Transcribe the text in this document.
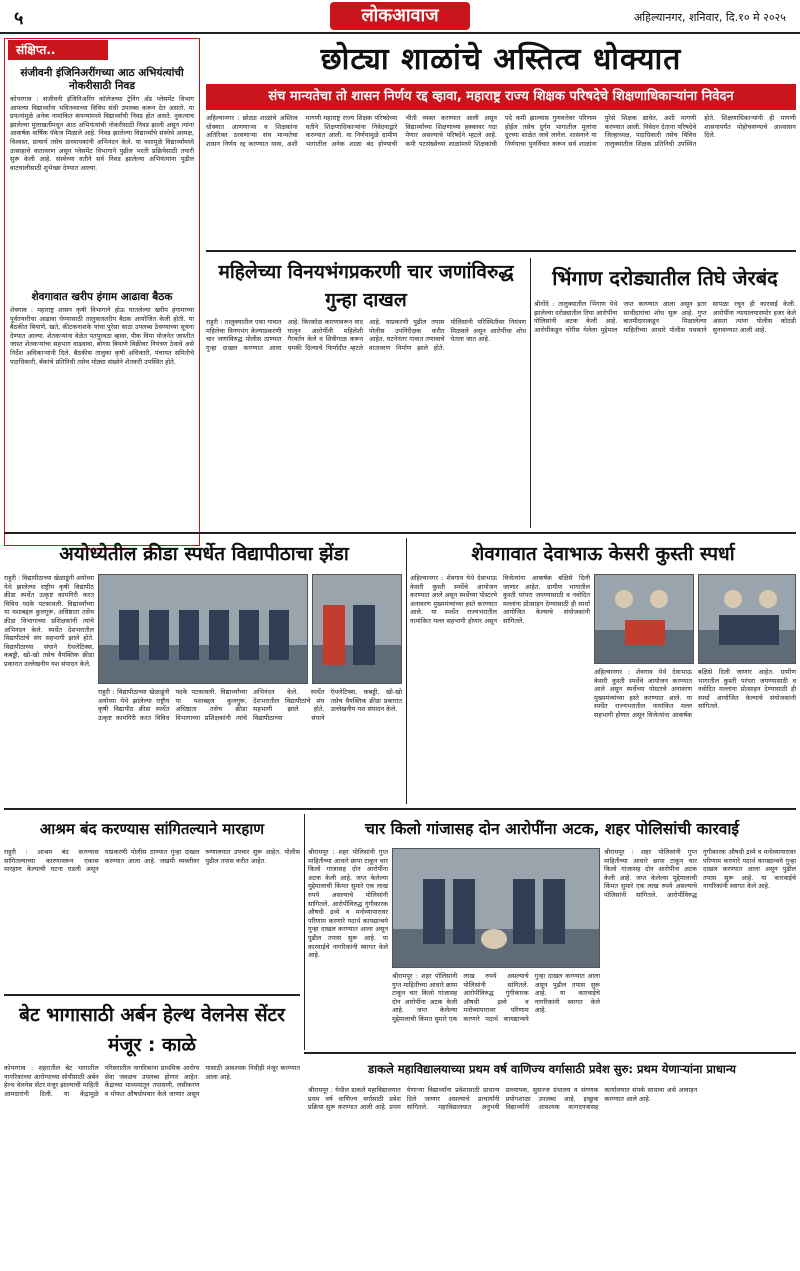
५	लोकआवाज	अहिल्यानगर, शनिवार, दि.१० मे २०२५
संजीवनी इंजिनिअरींगच्या आठ अभियंत्यांची नोकरीसाठी निवड
कोपरगाव : संजीवनी इंजिनिअरिंग कॉलेजच्या ट्रेनिंग अँड प्लेसमेंट विभाग आपल्या विद्यार्थ्यांना भवितव्याच्या विविध संधी उपलब्ध करून देत असतो. या प्रयत्नांमुळे अनेक नामांकित कंपन्यांमध्ये विद्यार्थ्यांची निवड होत असते. नुकत्याच झालेल्या मुलाखतींमधून आठ अभियंत्यांची नोकरीसाठी निवड झाली असून त्यांना आकर्षक वार्षिक पॅकेज मिळाले आहे. निवड झालेल्या विद्यार्थ्यांचे संस्थेचे अध्यक्ष, विश्वस्त, प्राचार्य तसेच प्राध्यापकांनी अभिनंदन केले. या यशामुळे विद्यार्थ्यांमध्ये उत्साहाचे वातावरण असून प्लेसमेंट विभागाने पुढील भरती प्रक्रियेसाठी तयारी सुरू केली आहे. संस्थेच्या वतीने सर्व निवड झालेल्या अभियंत्यांना पुढील वाटचालीसाठी शुभेच्छा देण्यात आल्या.
शेवगावात खरीप हंगाम आढावा बैठक
शेवगाव : महाराष्ट्र शासन कृषी विभागाने होऊ घातलेल्या खरीप हंगामाच्या पूर्वतयारीचा आढावा घेण्यासाठी तालुकास्तरीय बैठक आयोजित केली होती. या बैठकीत बियाणे, खते, कीटकनाशके यांचा पुरेसा साठा उपलब्ध ठेवण्याच्या सूचना देण्यात आल्या. शेतकऱ्यांना वेळेत पतपुरवठा व्हावा, पीक विमा योजनेत जास्तीत जास्त शेतकऱ्यांचा सहभाग वाढवावा, बोगस बियाणे विक्रीवर नियंत्रण ठेवावे असे निर्देश अधिकाऱ्यांनी दिले. बैठकीस तालुका कृषी अधिकारी, पंचायत समितीचे पदाधिकारी, बँकांचे प्रतिनिधी तसेच मोठ्या संख्येने शेतकरी उपस्थित होते.
संक्षिप्त..	छोट्या शाळांचे अस्तित्व धोक्यात
संच मान्यतेचा तो शासन निर्णय रद्द व्हावा, महाराष्ट्र राज्य शिक्षक परिषदेचे शिक्षणाधिकाऱ्यांना निवेदन
अहिल्यानगर : छोट्या शाळांचे अस्तित्व धोक्यात आणणाऱ्या व शिक्षकांना अतिरिक्त ठरवणाऱ्या संच मान्यतेचा शासन निर्णय रद्द करण्यात यावा, अशी मागणी महाराष्ट्र राज्य शिक्षक परिषदेच्या वतीने शिक्षणाधिकाऱ्यांना निवेदनाद्वारे करण्यात आली. या निर्णयामुळे ग्रामीण भागातील अनेक शाळा बंद होण्याची भीती व्यक्त करण्यात आली असून विद्यार्थ्यांच्या शिक्षणाच्या हक्कावर गदा येणार असल्याचे परिषदेने म्हटले आहे. कमी पटसंख्येच्या शाळांमध्ये शिक्षकांची पदे कमी झाल्यास गुणवत्तेवर परिणाम होईल तसेच दुर्गम भागातील मुलांना दूरच्या शाळेत जावे लागेल. शासनाने या निर्णयाचा पुनर्विचार करून सर्व शाळांना पुरेसे शिक्षक द्यावेत, अशी मागणी करण्यात आली. निवेदन देताना परिषदेचे जिल्हाध्यक्ष, पदाधिकारी तसेच विविध तालुक्यांतील शिक्षक प्रतिनिधी उपस्थित होते. शिक्षणाधिकाऱ्यांनी ही मागणी शासनापर्यंत पोहोचवण्याचे आश्वासन दिले.
महिलेच्या विनयभंगप्रकरणी चार जणांविरुद्ध गुन्हा दाखल
राहुरी : तालुक्यातील एका गावात महिलेचा विनयभंग केल्याप्रकरणी चार जणांविरुद्ध पोलीस ठाण्यात गुन्हा दाखल करण्यात आला आहे. किरकोळ कारणावरून वाद घालून आरोपींनी महिलेशी गैरवर्तन केले व शिवीगाळ करून धमकी दिल्याचे फिर्यादीत म्हटले आहे. याप्रकरणी पुढील तपास पोलीस उपनिरीक्षक करीत आहेत. घटनेनंतर गावात तणावाचे वातावरण निर्माण झाले होते. पोलिसांनी परिस्थितीवर नियंत्रण मिळवले असून आरोपींचा शोध घेतला जात आहे.
भिंगाण दरोड्यातील तिघे जेरबंद
श्रीगोंदे : तालुक्यातील भिंगाण येथे झालेल्या दरोड्यातील तिघा आरोपींना पोलिसांनी अटक केली आहे. आरोपींकडून चोरीस गेलेला मुद्देमाल जप्त करण्यात आला असून इतर साथीदारांचा शोध सुरू आहे. गुप्त बातमीदाराकडून मिळालेल्या माहितीच्या आधारे पोलीस पथकाने सापळा रचून ही कारवाई केली. आरोपींना न्यायालयासमोर हजर केले असता त्यांना पोलीस कोठडी सुनावण्यात आली आहे.
अयोध्येतील क्रीडा स्पर्धेत विद्यापीठाचा झेंडा
राहुरी : विद्यापीठाच्या खेळाडूंनी अयोध्या येथे झालेल्या राष्ट्रीय कृषी विद्यापीठ क्रीडा स्पर्धेत उत्कृष्ट कामगिरी करत विविध पदके पटकावली. विद्यार्थ्यांच्या या यशाबद्दल कुलगुरू, अधिष्ठाता तसेच क्रीडा विभागाच्या प्रशिक्षकांनी त्यांचे अभिनंदन केले. स्पर्धेत देशभरातील विद्यापीठांचे संघ सहभागी झाले होते. विद्यापीठाच्या संघाने ऍथलेटिक्स, कबड्डी, खो-खो तसेच वैयक्तिक क्रीडा प्रकारात उल्लेखनीय यश संपादन केले.
राहुरी : विद्यापीठाच्या खेळाडूंनी अयोध्या येथे झालेल्या राष्ट्रीय कृषी विद्यापीठ क्रीडा स्पर्धेत उत्कृष्ट कामगिरी करत विविध पदके पटकावली. विद्यार्थ्यांच्या या यशाबद्दल कुलगुरू, अधिष्ठाता तसेच क्रीडा विभागाच्या प्रशिक्षकांनी त्यांचे अभिनंदन केले. स्पर्धेत देशभरातील विद्यापीठांचे संघ सहभागी झाले होते. विद्यापीठाच्या संघाने ऍथलेटिक्स, कबड्डी, खो-खो तसेच वैयक्तिक क्रीडा प्रकारात उल्लेखनीय यश संपादन केले.
शेवगावात देवाभाऊ केसरी कुस्ती स्पर्धा
अहिल्यानगर : शेवगाव येथे देवाभाऊ केसरी कुस्ती स्पर्धेचे आयोजन करण्यात आले असून स्पर्धेच्या पोस्टरचे अनावरण मुख्यमंत्र्यांच्या हस्ते करण्यात आले. या स्पर्धेत राज्यभरातील नामांकित मल्ल सहभागी होणार असून विजेत्यांना आकर्षक बक्षिसे दिली जाणार आहेत. ग्रामीण भागातील कुस्ती परंपरा जपण्यासाठी व नवोदित मल्लांना प्रोत्साहन देण्यासाठी ही स्पर्धा आयोजित केल्याचे संयोजकांनी सांगितले.
अहिल्यानगर : शेवगाव येथे देवाभाऊ केसरी कुस्ती स्पर्धेचे आयोजन करण्यात आले असून स्पर्धेच्या पोस्टरचे अनावरण मुख्यमंत्र्यांच्या हस्ते करण्यात आले. या स्पर्धेत राज्यभरातील नामांकित मल्ल सहभागी होणार असून विजेत्यांना आकर्षक बक्षिसे दिली जाणार आहेत. ग्रामीण भागातील कुस्ती परंपरा जपण्यासाठी व नवोदित मल्लांना प्रोत्साहन देण्यासाठी ही स्पर्धा आयोजित केल्याचे संयोजकांनी सांगितले.
आश्रम बंद करण्यास सांगितल्याने मारहाण
राहुरी : आश्रम बंद करण्यास सांगितल्याच्या कारणावरून एकास मारहाण केल्याची घटना घडली असून याप्रकरणी पोलीस ठाण्यात गुन्हा दाखल करण्यात आला आहे. जखमी व्यक्तीवर रुग्णालयात उपचार सुरू आहेत. पोलीस पुढील तपास करीत आहेत.
चार किलो गांजासह दोन आरोपींना अटक, शहर पोलिसांची कारवाई
श्रीरामपूर : शहर पोलिसांनी गुप्त माहितीच्या आधारे छापा टाकून चार किलो गांजासह दोन आरोपींना अटक केली आहे. जप्त केलेल्या मुद्देमालाची किंमत सुमारे एक लाख रुपये असल्याचे पोलिसांनी सांगितले. आरोपींविरुद्ध गुंगीकारक औषधी द्रव्ये व मनोव्यापारावर परिणाम करणारे पदार्थ कायद्यान्वये गुन्हा दाखल करण्यात आला असून पुढील तपास सुरू आहे. या कारवाईचे नागरिकांनी स्वागत केले आहे.
श्रीरामपूर : शहर पोलिसांनी गुप्त माहितीच्या आधारे छापा टाकून चार किलो गांजासह दोन आरोपींना अटक केली आहे. जप्त केलेल्या मुद्देमालाची किंमत सुमारे एक लाख रुपये असल्याचे पोलिसांनी सांगितले. आरोपींविरुद्ध गुंगीकारक औषधी द्रव्ये व मनोव्यापारावर परिणाम करणारे पदार्थ कायद्यान्वये गुन्हा दाखल करण्यात आला असून पुढील तपास सुरू आहे. या कारवाईचे नागरिकांनी स्वागत केले आहे.
श्रीरामपूर : शहर पोलिसांनी गुप्त माहितीच्या आधारे छापा टाकून चार किलो गांजासह दोन आरोपींना अटक केली आहे. जप्त केलेल्या मुद्देमालाची किंमत सुमारे एक लाख रुपये असल्याचे पोलिसांनी सांगितले. आरोपींविरुद्ध गुंगीकारक औषधी द्रव्ये व मनोव्यापारावर परिणाम करणारे पदार्थ कायद्यान्वये गुन्हा दाखल करण्यात आला असून पुढील तपास सुरू आहे. या कारवाईचे नागरिकांनी स्वागत केले आहे.
बेट भागासाठी अर्बन हेल्थ वेलनेस सेंटर मंजूर : काळे
कोपरगाव : शहरातील बेट भागातील नागरिकांच्या आरोग्याच्या सोयीसाठी अर्बन हेल्थ वेलनेस सेंटर मंजूर झाल्याची माहिती आमदारांनी दिली. या केंद्रामुळे परिसरातील नागरिकांना प्राथमिक आरोग्य सेवा जवळच उपलब्ध होणार आहेत. केंद्राच्या माध्यमातून तपासणी, लसीकरण व मोफत औषधोपचार केले जाणार असून यासाठी आवश्यक निधीही मंजूर करण्यात आला आहे.
डाकले महाविद्यालयाच्या प्रथम वर्ष वाणिज्य वर्गासाठी प्रवेश सुरु: प्रथम येणाऱ्यांना प्राधान्य
श्रीरामपूर : येथील डाकले महाविद्यालयात प्रथम वर्ष वाणिज्य वर्गासाठी प्रवेश प्रक्रिया सुरू करण्यात आली आहे. प्रथम येणाऱ्या विद्यार्थ्यांना प्रवेशासाठी प्राधान्य दिले जाणार असल्याचे प्राचार्यांनी सांगितले. महाविद्यालयात अनुभवी प्राध्यापक, सुसज्ज ग्रंथालय व संगणक प्रयोगशाळा उपलब्ध आहे. इच्छुक विद्यार्थ्यांनी आवश्यक कागदपत्रांसह कार्यालयात संपर्क साधावा असे आवाहन करण्यात आले आहे.
